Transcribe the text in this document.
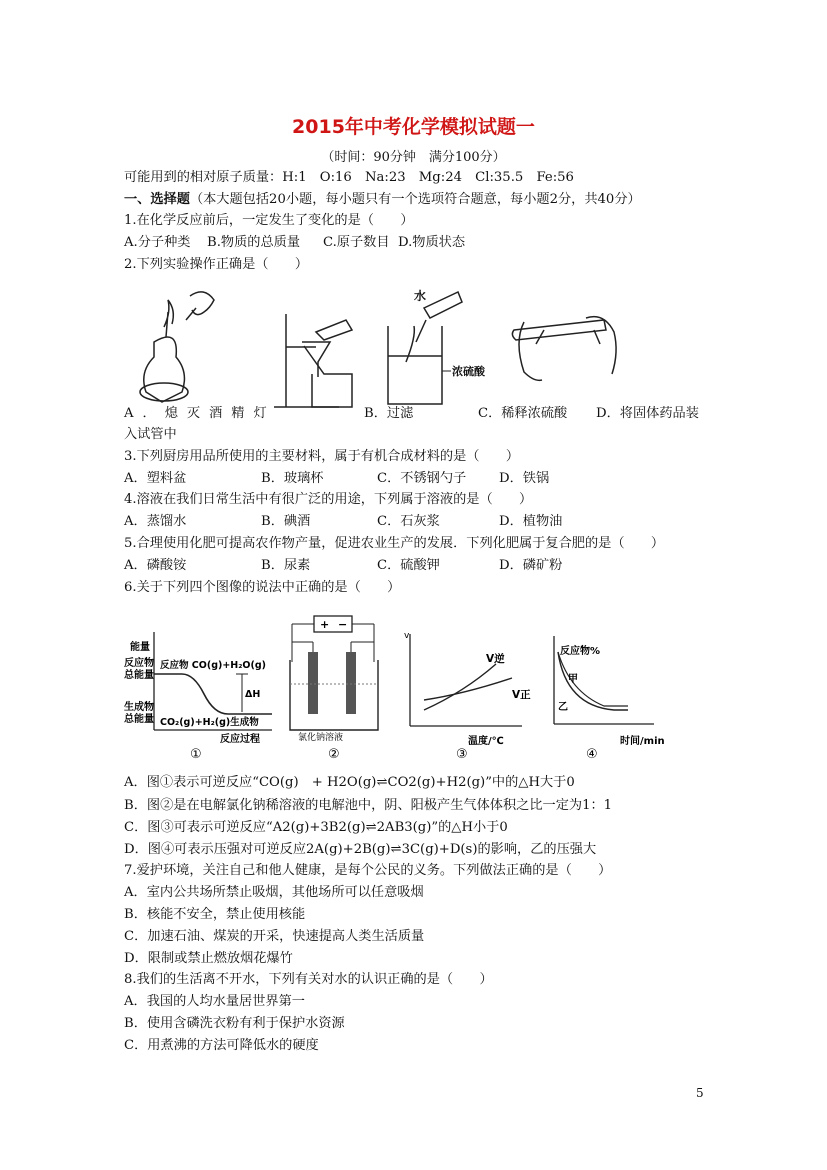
2015年中考化学模拟试题一
（时间：90分钟　满分100分）
可能用到的相对原子质量：H:1　O:16　Na:23　Mg:24　Cl:35.5　Fe:56
一、选择题（本大题包括20小题，每小题只有一个选项符合题意，每小题2分，共40分）
1.在化学反应前后，一定发生了变化的是（　　）
A.分子种类 B.物质的总质量 C.原子数目 D.物质状态
2.下列实验操作正确是（　　）
水
浓硫酸
A．熄灭酒精灯	B．过滤	C．稀释浓硫酸 D．将固体药品装
入试管中
3.下列厨房用品所使用的主要材料，属于有机合成材料的是（　　）
A．塑料盆	B．玻璃杯	C．不锈钢勺子 D．铁锅
4.溶液在我们日常生活中有很广泛的用途，下列属于溶液的是（　　）
A．蒸馏水	B．碘酒	C．石灰浆	D．植物油
5.合理使用化肥可提高农作物产量，促进农业生产的发展．下列化肥属于复合肥的是（　　）
A．磷酸铵	B．尿素	C．硫酸钾	D．磷矿粉
6.关于下列四个图像的说法中正确的是（　　）
能量
反应物
总能量
生成物
总能量
反应物 CO(g)+H₂O(g)
ΔH
CO₂(g)+H₂(g)生成物
反应过程
①
+ −
氯化钠溶液
②
v
V逆
V正
温度/℃
③
反应物%
甲
乙
时间/min
④
A．图①表示可逆反应“CO(g)　+ H2O(g)⇌CO2(g)+H2(g)”中的△H大于0
B．图②是在电解氯化钠稀溶液的电解池中，阴、阳极产生气体体积之比一定为1：1
C．图③可表示可逆反应“A2(g)+3B2(g)⇌2AB3(g)”的△H小于0
D．图④可表示压强对可逆反应2A(g)+2B(g)⇌3C(g)+D(s)的影响，乙的压强大
7.爱护环境，关注自己和他人健康，是每个公民的义务。下列做法正确的是（　　）
A．室内公共场所禁止吸烟，其他场所可以任意吸烟
B．核能不安全，禁止使用核能
C．加速石油、煤炭的开采，快速提高人类生活质量
D．限制或禁止燃放烟花爆竹
8.我们的生活离不开水，下列有关对水的认识正确的是（　　）
A．我国的人均水量居世界第一
B．使用含磷洗衣粉有利于保护水资源
C．用煮沸的方法可降低水的硬度
5
